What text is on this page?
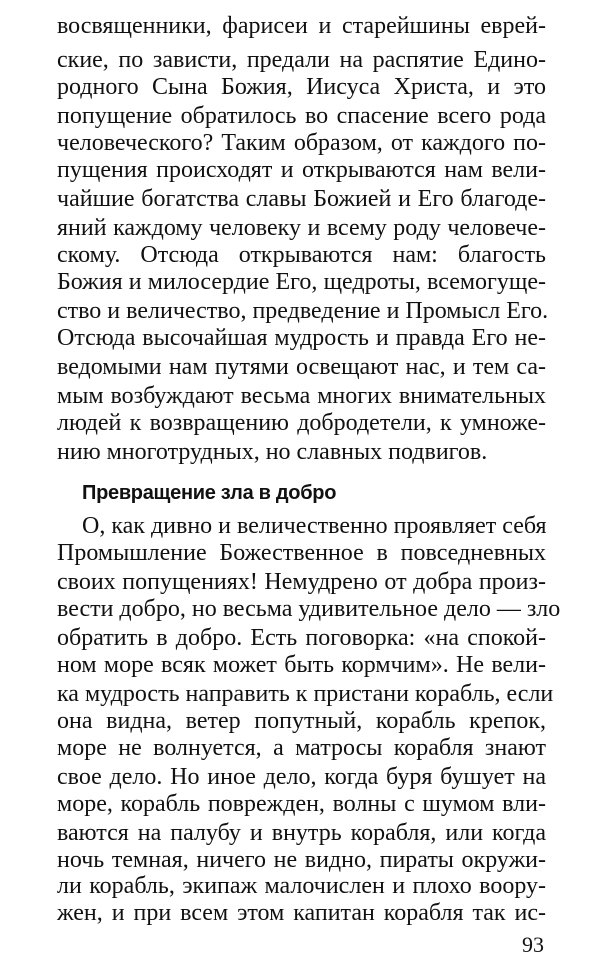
восвященники, фарисеи и старейшины еврей-

ские, по зависти, предали на распятие Едино-

родного Сына Божия, Иисуса Христа, и это

попущение обратилось во спасение всего рода

человеческого? Таким образом, от каждого по-

пущения происходят и открываются нам вели-

чайшие богатства славы Божией и Его благоде-

яний каждому человеку и всему роду человече-

скому. Отсюда открываются нам: благость

Божия и милосердие Его, щедроты, всемогуще-

ство и величество, предведение и Промысл Его.

Отсюда высочайшая мудрость и правда Его не-

ведомыми нам путями освещают нас, и тем са-

мым возбуждают весьма многих внимательных

людей к возвращению добродетели, к умноже-

нию многотрудных, но славных подвигов.

Превращение зла в добро

О, как дивно и величественно проявляет себя

Промышление Божественное в повседневных

своих попущениях! Немудрено от добра произ-

вести добро, но весьма удивительное дело — зло

обратить в добро. Есть поговорка: «на спокой-

ном море всяк может быть кормчим». Не вели-

ка мудрость направить к пристани корабль, если

она видна, ветер попутный, корабль крепок,

море не волнуется, а матросы корабля знают

свое дело. Но иное дело, когда буря бушует на

море, корабль поврежден, волны с шумом вли-

ваются на палубу и внутрь корабля, или когда

ночь темная, ничего не видно, пираты окружи-

ли корабль, экипаж малочислен и плохо воору-

93

жен, и при всем этом капитан корабля так ис-
